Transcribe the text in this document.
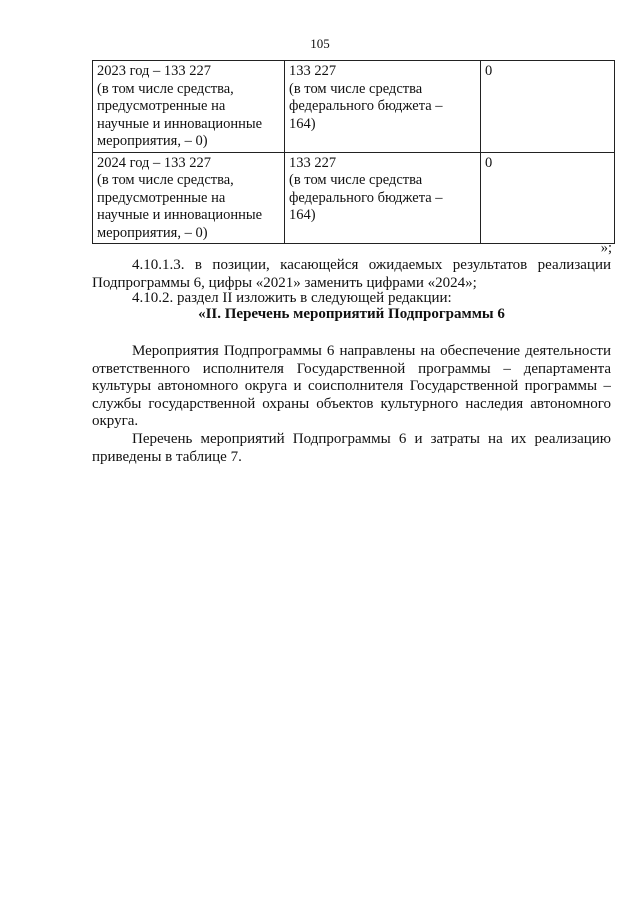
105
2023 год – 133 227
(в том числе средства,
предусмотренные на
научные и инновационные
мероприятия, – 0)	133 227
(в том числе средства
федерального бюджета –
164)	0

2024 год – 133 227
(в том числе средства,
предусмотренные на
научные и инновационные
мероприятия, – 0)	133 227
(в том числе средства
федерального бюджета –
164)	0
»;
4.10.1.3. в позиции, касающейся ожидаемых результатов реализации
Подпрограммы 6, цифры «2021» заменить цифрами «2024»;
4.10.2. раздел II изложить в следующей редакции:
«II. Перечень мероприятий Подпрограммы 6
Мероприятия Подпрограммы 6 направлены на обеспечение деятельности
ответственного исполнителя Государственной программы – департамента
культуры автономного округа и соисполнителя Государственной программы –
службы государственной охраны объектов культурного наследия автономного
округа.
Перечень мероприятий Подпрограммы 6 и затраты на их реализацию
приведены в таблице 7.
